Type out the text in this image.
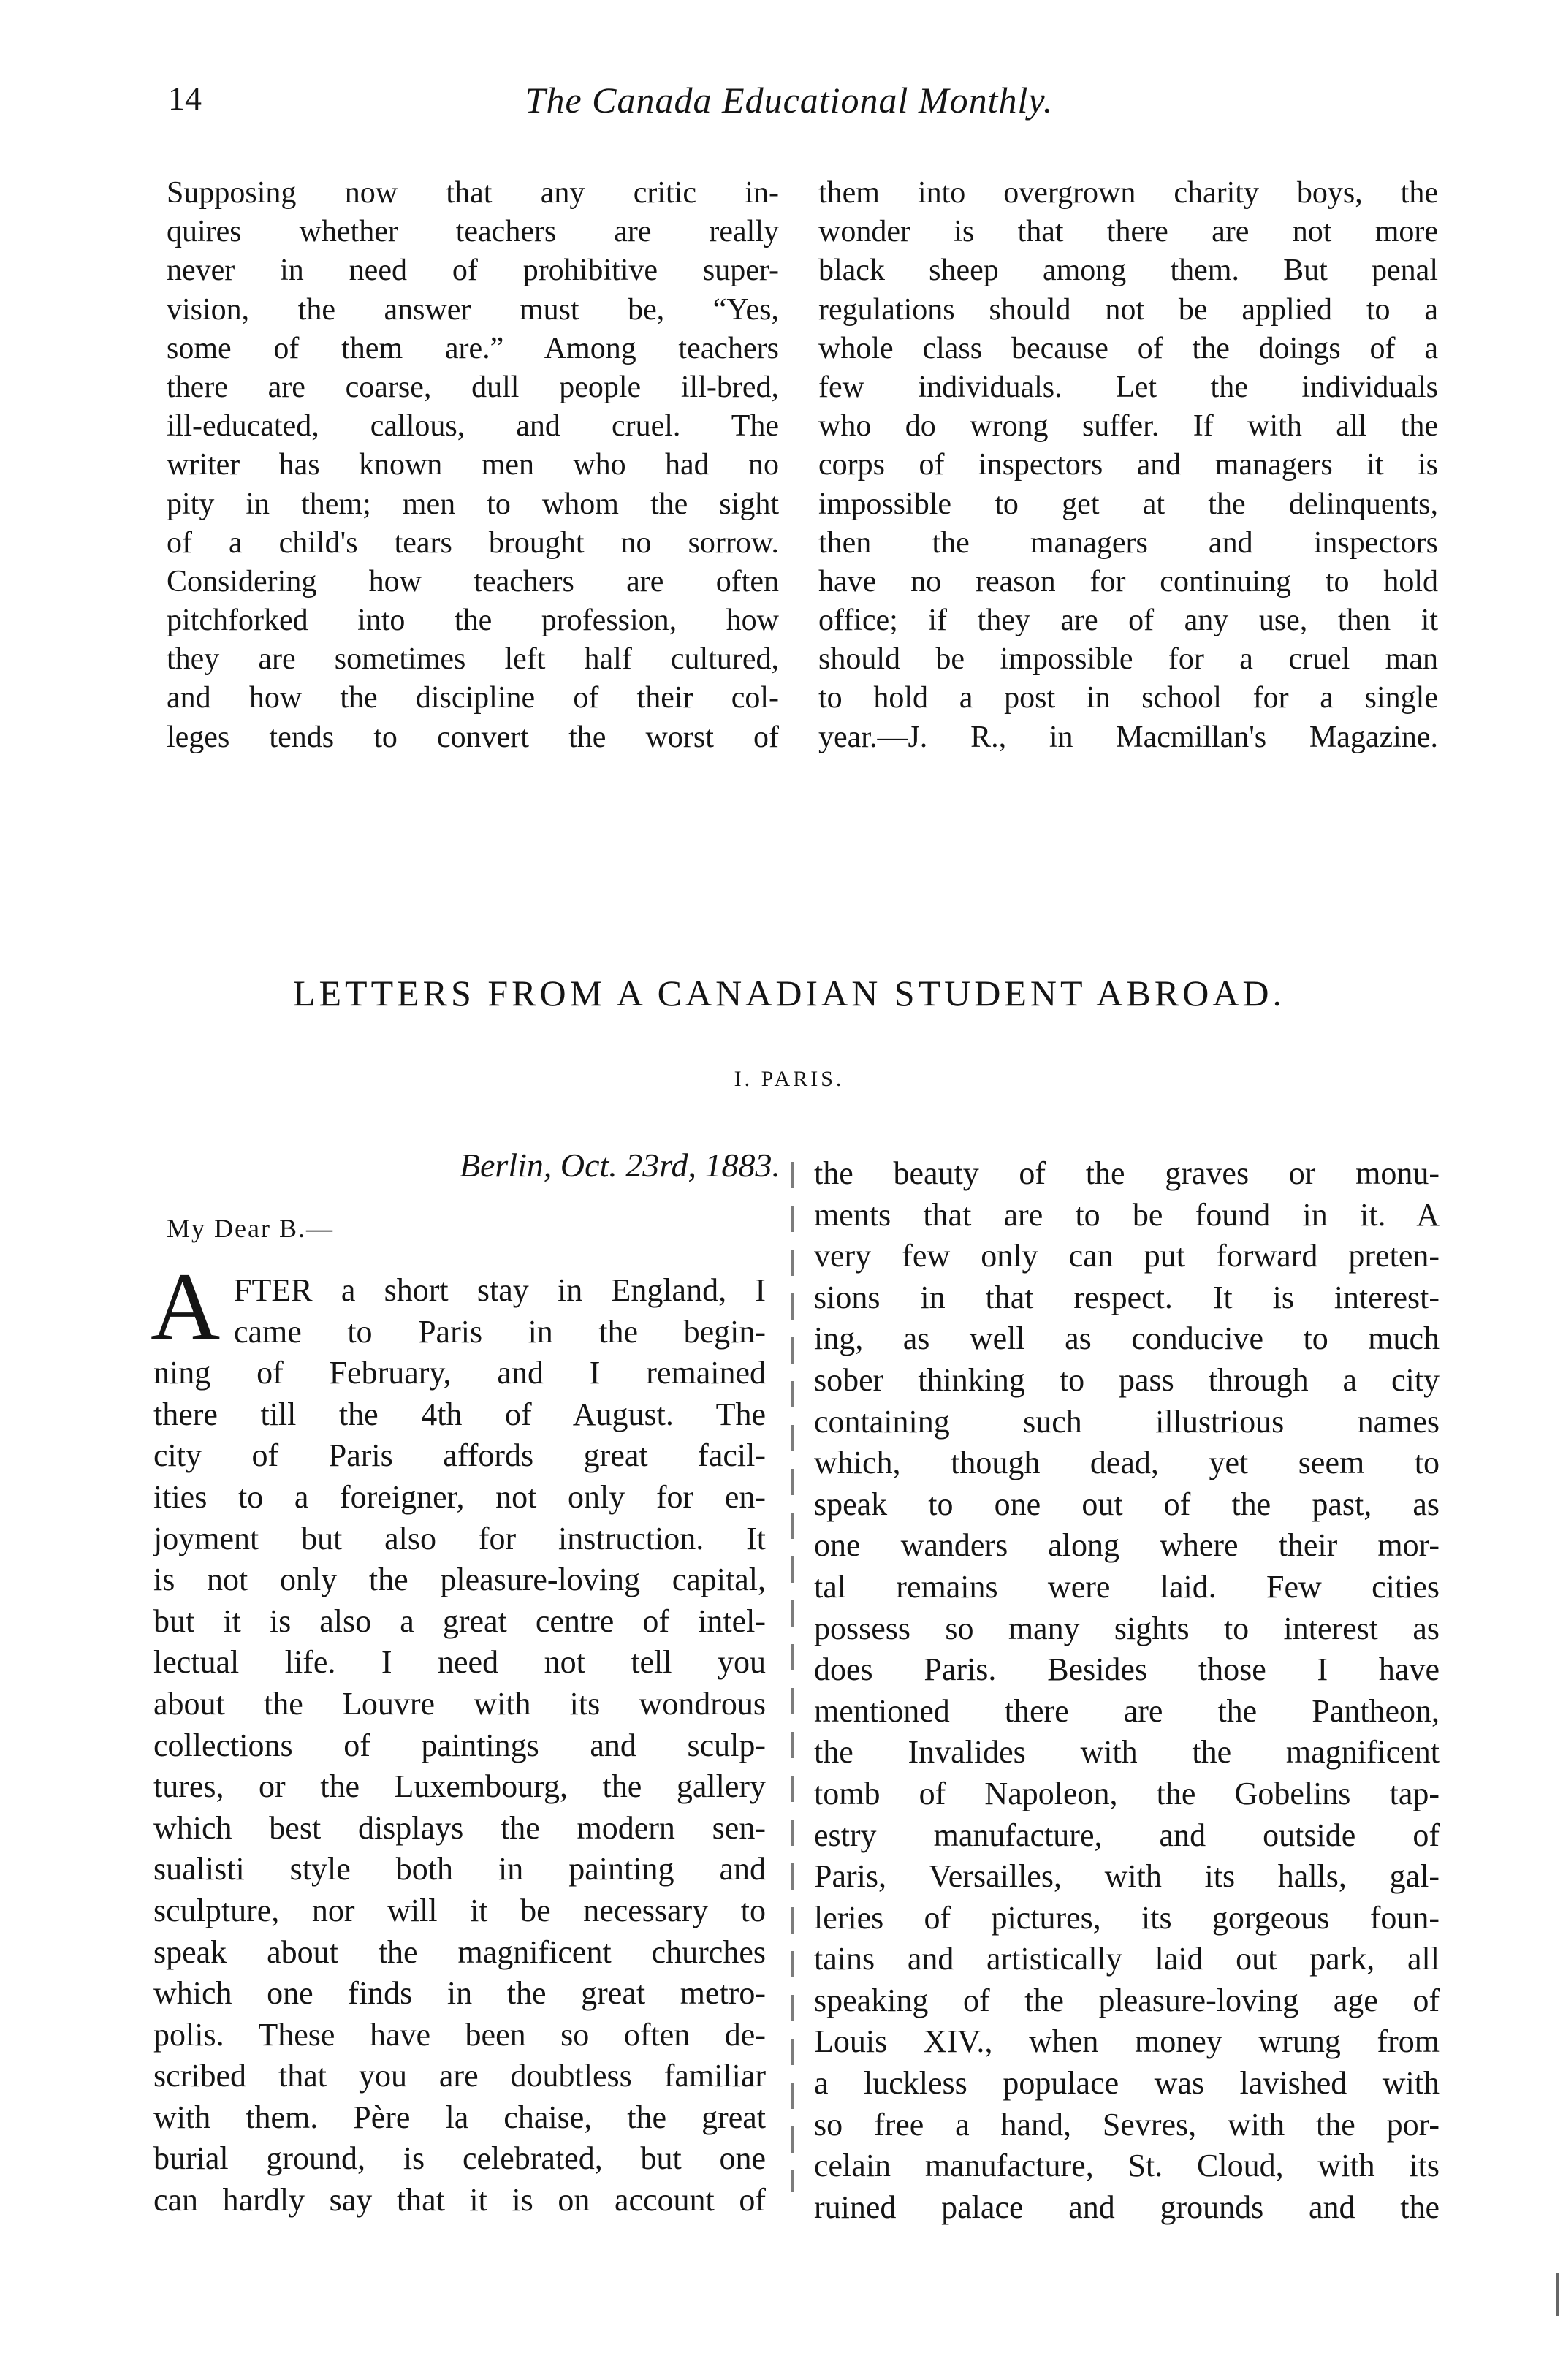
14	The Canada Educational Monthly.
Supposing now that any critic in-
quires whether teachers are really
never in need of prohibitive super-
vision, the answer must be, “Yes,
some of them are.” Among teachers
there are coarse, dull people ill-bred,
ill-educated, callous, and cruel. The
writer has known men who had no
pity in them; men to whom the sight
of a child's tears brought no sorrow.
Considering how teachers are often
pitchforked into the profession, how
they are sometimes left half cultured,
and how the discipline of their col-
leges tends to convert the worst of
them into overgrown charity boys, the
wonder is that there are not more
black sheep among them. But penal
regulations should not be applied to a
whole class because of the doings of a
few individuals. Let the individuals
who do wrong suffer. If with all the
corps of inspectors and managers it is
impossible to get at the delinquents,
then the managers and inspectors
have no reason for continuing to hold
office; if they are of any use, then it
should be impossible for a cruel man
to hold a post in school for a single
year.—J. R., in Macmillan's Magazine.
LETTERS FROM A CANADIAN STUDENT ABROAD.
I. PARIS.
Berlin, Oct. 23rd, 1883.
My Dear B.—
A FTER a short stay in England, I
came to Paris in the begin-
ning of February, and I remained
there till the 4th of August. The
city of Paris affords great facil-
ities to a foreigner, not only for en-
joyment but also for instruction. It
is not only the pleasure-loving capital,
but it is also a great centre of intel-
lectual life. I need not tell you
about the Louvre with its wondrous
collections of paintings and sculp-
tures, or the Luxembourg, the gallery
which best displays the modern sen-
sualisti style both in painting and
sculpture, nor will it be necessary to
speak about the magnificent churches
which one finds in the great metro-
polis. These have been so often de-
scribed that you are doubtless familiar
with them. Père la chaise, the great
burial ground, is celebrated, but one
can hardly say that it is on account of
the beauty of the graves or monu-
ments that are to be found in it. A
very few only can put forward preten-
sions in that respect. It is interest-
ing, as well as conducive to much
sober thinking to pass through a city
containing such illustrious names
which, though dead, yet seem to
speak to one out of the past, as
one wanders along where their mor-
tal remains were laid. Few cities
possess so many sights to interest as
does Paris. Besides those I have
mentioned there are the Pantheon,
the Invalides with the magnificent
tomb of Napoleon, the Gobelins tap-
estry manufacture, and outside of
Paris, Versailles, with its halls, gal-
leries of pictures, its gorgeous foun-
tains and artistically laid out park, all
speaking of the pleasure-loving age of
Louis XIV., when money wrung from
a luckless populace was lavished with
so free a hand, Sevres, with the por-
celain manufacture, St. Cloud, with its
ruined palace and grounds and the
